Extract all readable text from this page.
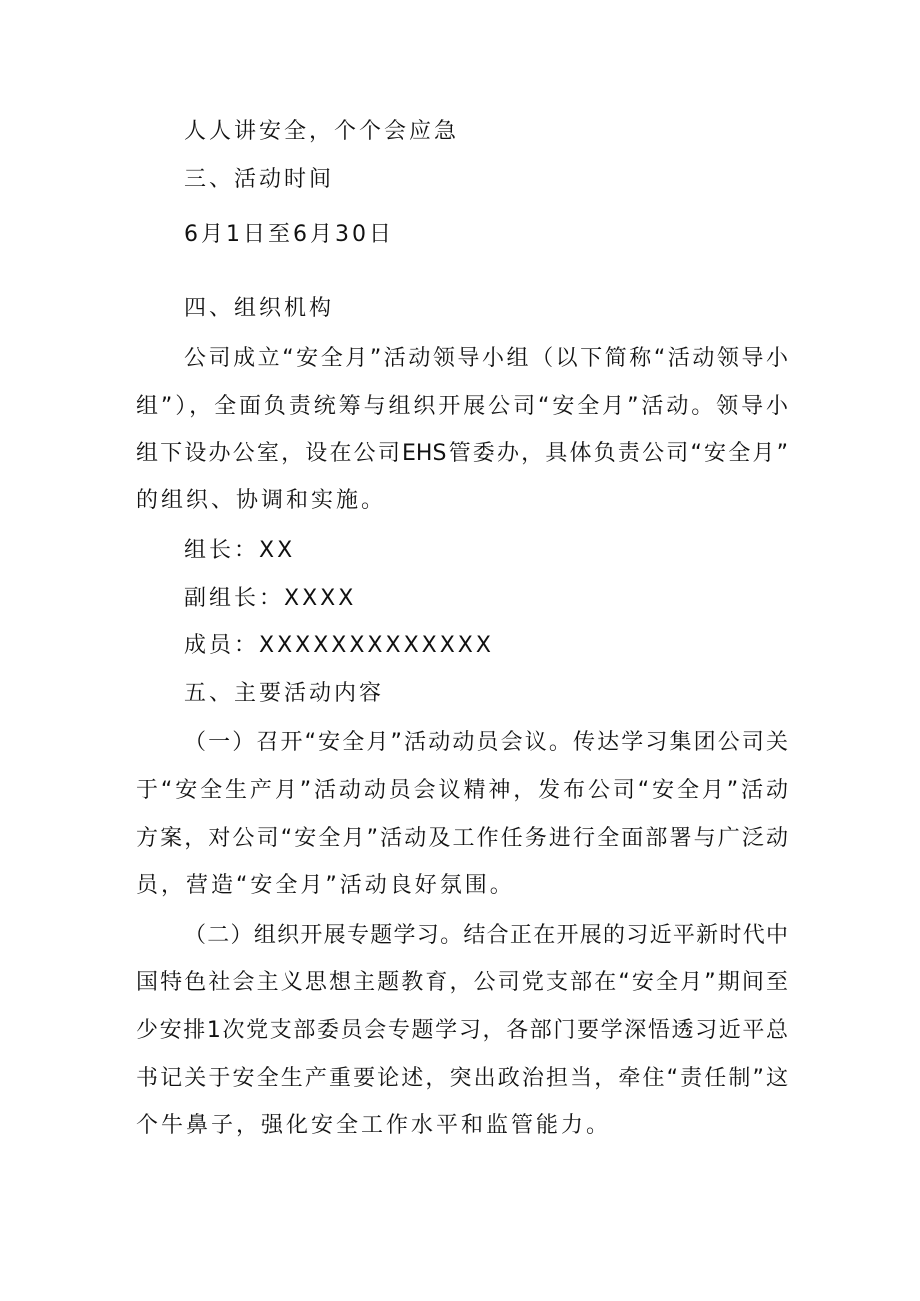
人人讲安全，个个会应急
三、活动时间
6月1日至6月30日
四、组织机构
公司成立“安全月”活动领导小组（以下简称“活动领导小
组”），全面负责统筹与组织开展公司“安全月”活动。领导小
组下设办公室，设在公司EHS管委办，具体负责公司“安全月”
的组织、协调和实施。
组长：XX
副组长：XXXX
成员：XXXXXXXXXXXXX
五、主要活动内容
（一）召开“安全月”活动动员会议。传达学习集团公司关
于“安全生产月”活动动员会议精神，发布公司“安全月”活动
方案，对公司“安全月”活动及工作任务进行全面部署与广泛动
员，营造“安全月”活动良好氛围。
（二）组织开展专题学习。结合正在开展的习近平新时代中
国特色社会主义思想主题教育，公司党支部在“安全月”期间至
少安排1次党支部委员会专题学习，各部门要学深悟透习近平总
书记关于安全生产重要论述，突出政治担当，牵住“责任制”这
个牛鼻子，强化安全工作水平和监管能力。
